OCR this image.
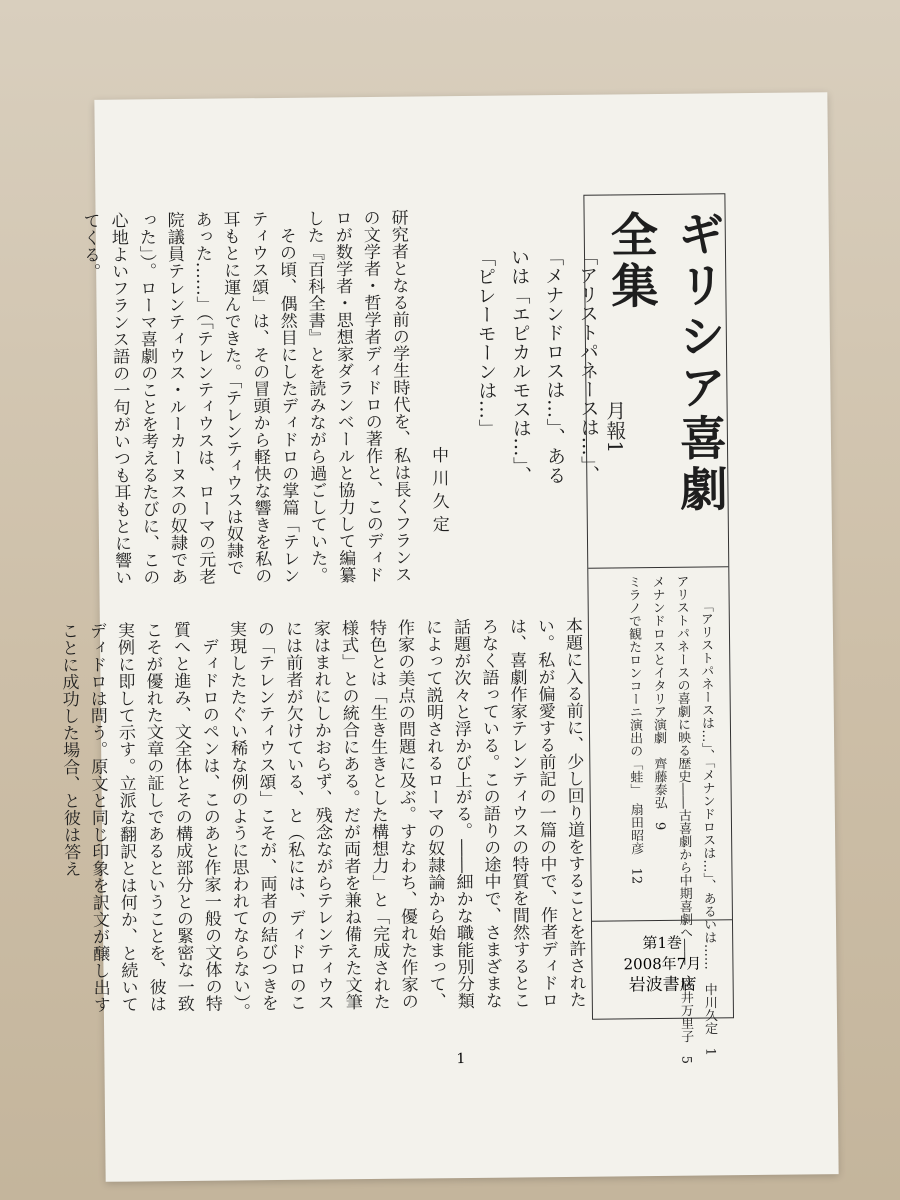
「アリストパネースは…」、「メナンドロスは…」、あるいは「エピカルモスは…」、「ピレーモーンは…」
中川久定
研究者となる前の学生時代を、私は長くフランスの文学者・哲学者ディドロの著作と、このディドロが数学者・思想家ダランベールと協力して編纂した『百科全書』とを読みながら過ごしていた。
　その頃、偶然目にしたディドロの掌篇「テレンティウス頌」は、その冒頭から軽快な響きを私の耳もとに運んできた。「テレンティウスは奴隷であった……」（「テレンティウスは、ローマの元老院議員テレンティウス・ルーカーヌスの奴隷であった」）。ローマ喜劇のことを考えるたびに、この心地よいフランス語の一句がいつも耳もとに響いてくる。
本題に入る前に、少し回り道をすることを許されたい。私が偏愛する前記の一篇の中で、作者ディドロは、喜劇作家テレンティウスの特質を間然するところなく語っている。この語りの途中で、さまざまな話題が次々と浮かび上がる。――細かな職能別分類によって説明されるローマの奴隷論から始まって、作家の美点の問題に及ぶ。すなわち、優れた作家の特色とは「生き生きとした構想力」と「完成された様式」との統合にある。だが両者を兼ね備えた文筆家はまれにしかおらず、残念ながらテレンティウスには前者が欠けている、と（私には、ディドロのこの「テレンティウス頌」こそが、両者の結びつきを実現したたぐい稀な例のように思われてならない）。
　ディドロのペンは、このあと作家一般の文体の特質へと進み、文全体とその構成部分との緊密な一致こそが優れた文章の証しであるということを、彼は実例に即して示す。立派な翻訳とは何か、と続いてディドロは問う。原文と同じ印象を訳文が醸し出すことに成功した場合、と彼は答え
ギリシア喜劇全集
月報1

「アリストパネースは…」、「メナンドロスは…」、あるいは……　中川久定　1
アリストパネースの喜劇に映る歴史――古喜劇から中期喜劇へ――　桜井万里子　5
メナンドロスとイタリア演劇　齊藤泰弘　9
ミラノで観たロンコーニ演出の「蛙」　扇田昭彦　12

第1巻
2008年7月
岩波書店
1
